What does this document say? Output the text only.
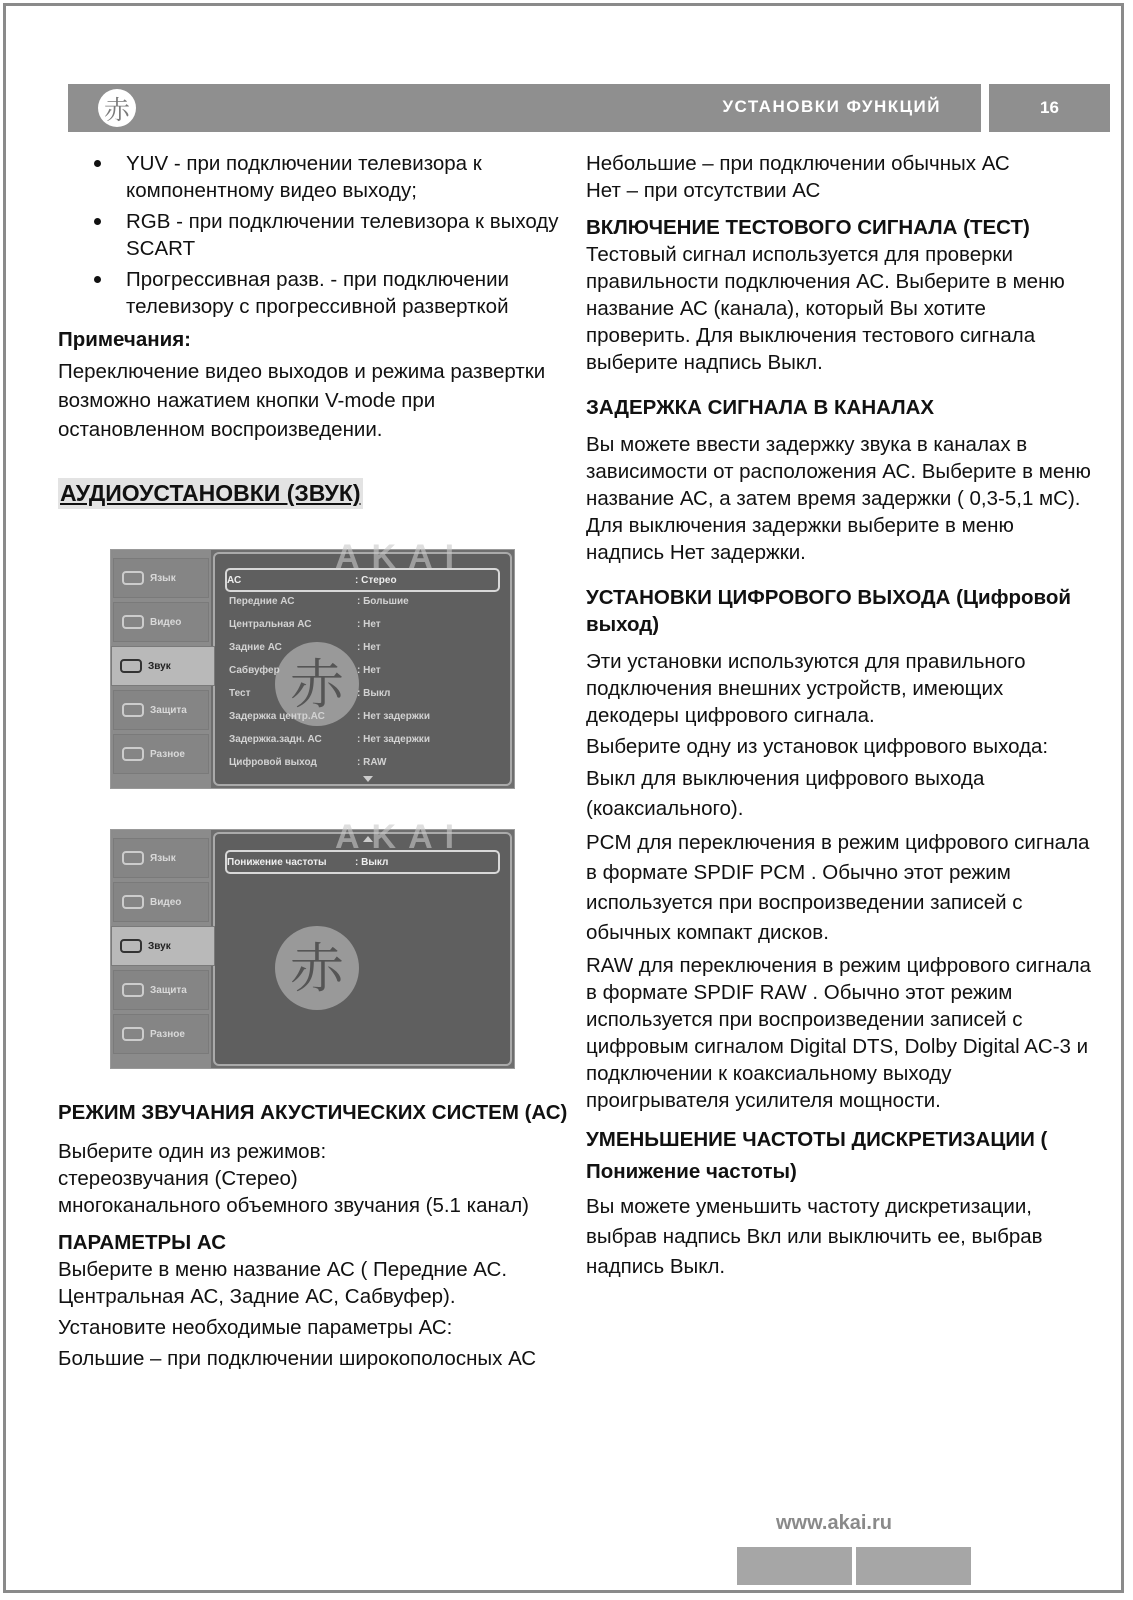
赤	УСТАНОВКИ ФУНКЦИЙ	16
YUV - при подключении телевизора к компонентному видео выходу;
RGB - при подключении телевизора к выходу SCART
Прогрессивная разв. - при подключении телевизору с прогрессивной разверткой

Примечания:

Переключение видео выходов и режима развертки возможно нажатием кнопки V-mode при остановленном воспроизведении.

АУДИОУСТАНОВКИ (ЗВУК)
Язык
Видео
Звук
Защита
Разное
AKAI
赤
АС	: Стерео
Передние АС	: Большие
Центральная АС	: Нет
Задние АС	: Нет
Сабвуфер	: Нет
Тест	: Выкл
Задержка центр.АС	: Нет задержки
Задержка.задн. АС	: Нет задержки
Цифровой выход	: RAW
Язык
Видео
Звук
Защита
Разное
AKAI
赤
Понижение частоты	: Выкл

РЕЖИМ ЗВУЧАНИЯ АКУСТИЧЕСКИХ СИСТЕМ (АС)

Выберите один из режимов:

стереозвучания (Стерео)

многоканального объемного звучания (5.1 канал)

ПАРАМЕТРЫ АС

Выберите в меню название АС ( Передние АС. Центральная АС, Задние АС, Сабвуфер).

Установите необходимые параметры АС:

Большие – при подключении широкополосных АС

Небольшие – при подключении обычных АС

Нет – при отсутствии АС

ВКЛЮЧЕНИЕ ТЕСТОВОГО СИГНАЛА (ТЕСТ)

Тестовый сигнал используется для проверки правильности подключения АС. Выберите в меню название АС (канала), который Вы хотите проверить. Для выключения тестового сигнала выберите надпись Выкл.

ЗАДЕРЖКА СИГНАЛА В КАНАЛАХ

Вы можете ввести задержку звука в каналах в зависимости от расположения АС. Выберите в меню название АС, а затем время задержки ( 0,3-5,1 мС). Для выключения задержки выберите в меню надпись Нет задержки.

УСТАНОВКИ ЦИФРОВОГО ВЫХОДА (Цифровой выход)

Эти установки используются для правильного подключения внешних устройств, имеющих декодеры цифрового сигнала.

Выберите одну из установок цифрового выхода:

Выкл для выключения цифрового выхода (коаксиального).

PCM для переключения в режим цифрового сигнала в формате SPDIF PCM . Обычно этот режим используется при воспроизведении записей с обычных компакт дисков.

RAW для переключения в режим цифрового сигнала в формате SPDIF RAW . Обычно этот режим используется при воспроизведении записей с цифровым сигналом Digital DTS, Dolby Digital AC-3 и подключении к коаксиальному выходу проигрывателя усилителя мощности.

УМЕНЬШЕНИЕ ЧАСТОТЫ ДИСКРЕТИЗАЦИИ ( Понижение частоты)

Вы можете уменьшить частоту дискретизации, выбрав надпись Вкл или выключить ее, выбрав надпись Выкл.

www.akai.ru
